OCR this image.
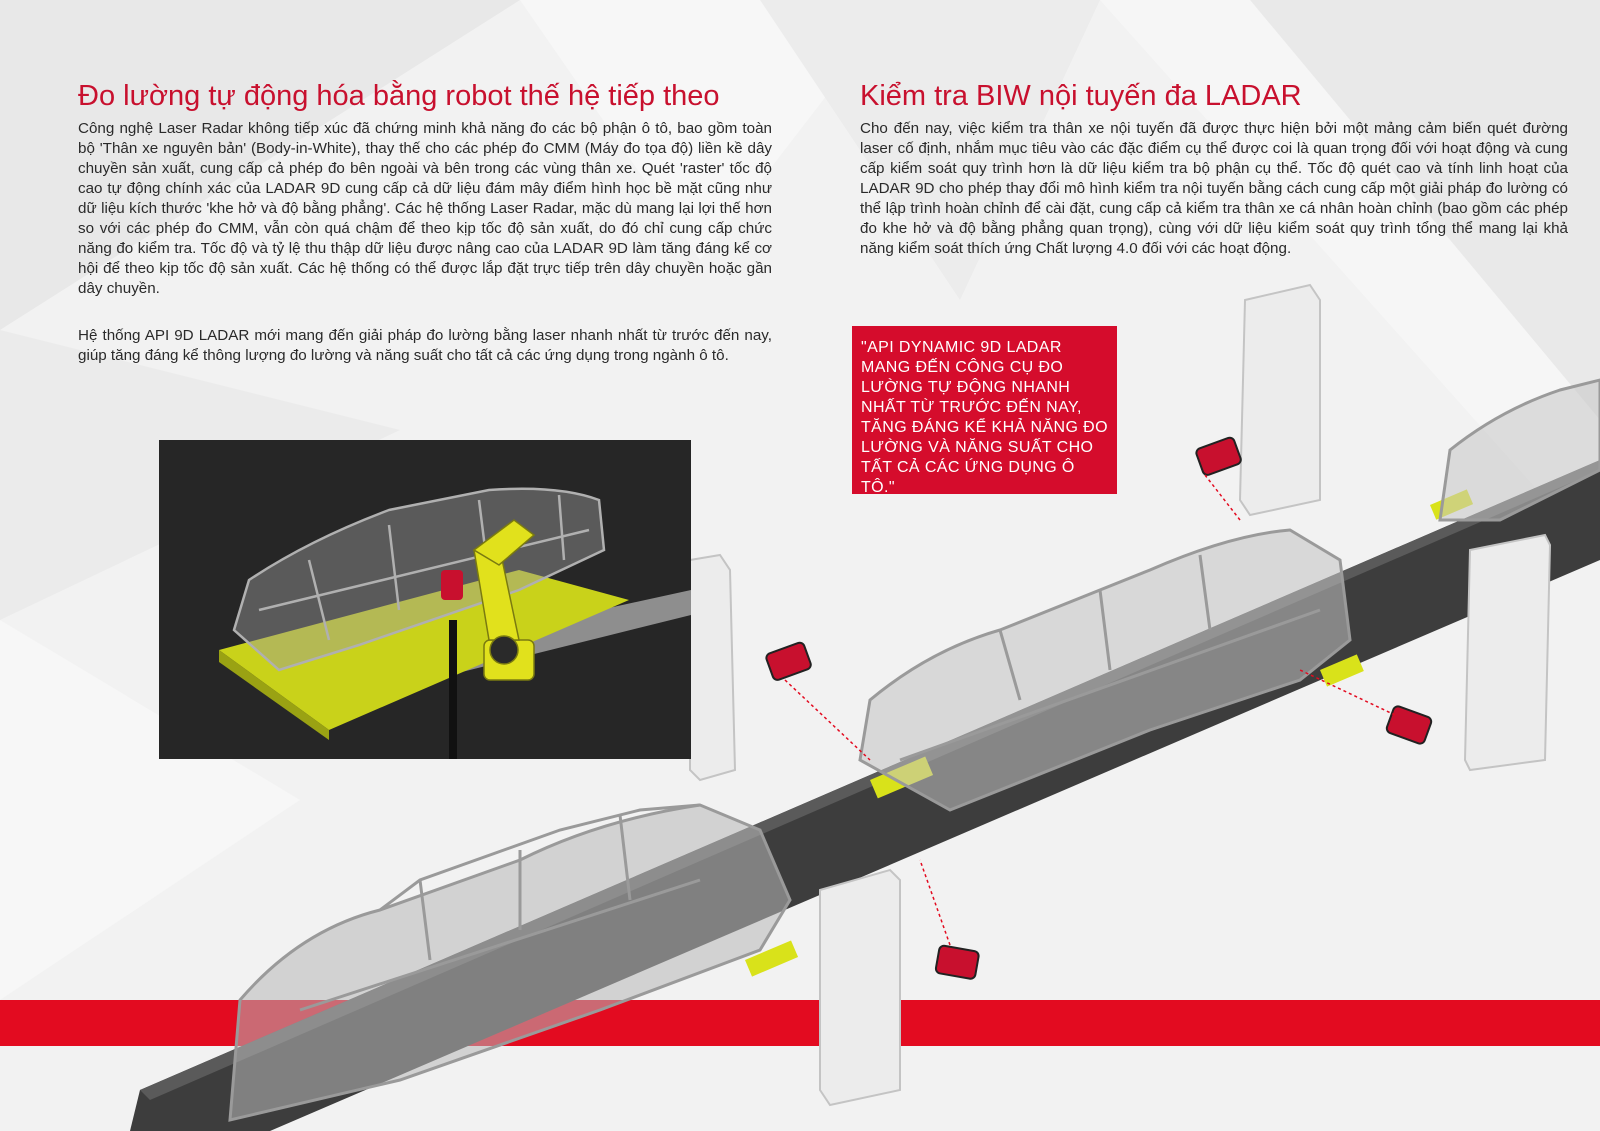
Đo lường tự động hóa bằng robot thế hệ tiếp theo

Công nghệ Laser Radar không tiếp xúc đã chứng minh khả năng đo các bộ phận ô tô, bao gồm toàn bộ 'Thân xe nguyên bản' (Body-in-White), thay thế cho các phép đo CMM (Máy đo tọa độ) liền kề dây chuyền sản xuất, cung cấp cả phép đo bên ngoài và bên trong các vùng thân xe. Quét 'raster' tốc độ cao tự động chính xác của LADAR 9D cung cấp cả dữ liệu đám mây điểm hình học bề mặt cũng như dữ liệu kích thước 'khe hở và độ bằng phẳng'. Các hệ thống Laser Radar, mặc dù mang lại lợi thế hơn so với các phép đo CMM, vẫn còn quá chậm để theo kịp tốc độ sản xuất, do đó chỉ cung cấp chức năng đo kiểm tra. Tốc độ và tỷ lệ thu thập dữ liệu được nâng cao của LADAR 9D làm tăng đáng kể cơ hội để theo kịp tốc độ sản xuất. Các hệ thống có thể được lắp đặt trực tiếp trên dây chuyền hoặc gần dây chuyền.

Hệ thống API 9D LADAR mới mang đến giải pháp đo lường bằng laser nhanh nhất từ trước đến nay, giúp tăng đáng kể thông lượng đo lường và năng suất cho tất cả các ứng dụng trong ngành ô tô.

Kiểm tra BIW nội tuyến đa LADAR

Cho đến nay, việc kiểm tra thân xe nội tuyến đã được thực hiện bởi một mảng cảm biến quét đường laser cố định, nhắm mục tiêu vào các đặc điểm cụ thể được coi là quan trọng đối với hoạt động và cung cấp kiểm soát quy trình hơn là dữ liệu kiểm tra bộ phận cụ thể. Tốc độ quét cao và tính linh hoạt của LADAR 9D cho phép thay đổi mô hình kiểm tra nội tuyến bằng cách cung cấp một giải pháp đo lường có thể lập trình hoàn chỉnh để cài đặt, cung cấp cả kiểm tra thân xe cá nhân hoàn chỉnh (bao gồm các phép đo khe hở và độ bằng phẳng quan trọng), cùng với dữ liệu kiểm soát quy trình tổng thể mang lại khả năng kiểm soát thích ứng Chất lượng 4.0 đối với các hoạt động.

"API DYNAMIC 9D LADAR MANG ĐẾN CÔNG CỤ ĐO LƯỜNG TỰ ĐỘNG NHANH NHẤT TỪ TRƯỚC ĐẾN NAY, TĂNG ĐÁNG KỂ KHẢ NĂNG ĐO LƯỜNG VÀ NĂNG SUẤT CHO TẤT CẢ CÁC ỨNG DỤNG Ô TÔ."
